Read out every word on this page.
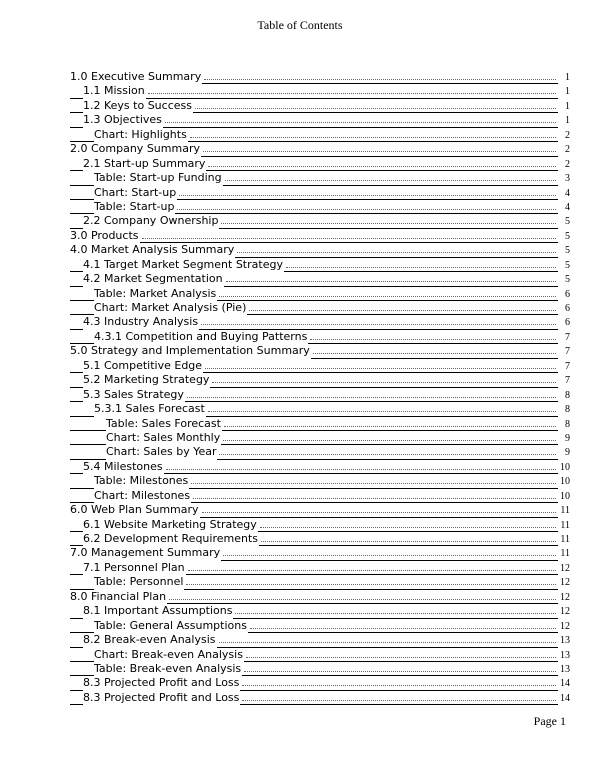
Table of Contents
1.0 Executive Summary	1
1.1 Mission	1
1.2 Keys to Success	1
1.3 Objectives	1
Chart: Highlights	2
2.0 Company Summary	2
2.1 Start-up Summary	2
Table: Start-up Funding	3
Chart: Start-up	4
Table: Start-up	4
2.2 Company Ownership	5
3.0 Products	5
4.0 Market Analysis Summary	5
4.1 Target Market Segment Strategy	5
4.2 Market Segmentation	5
Table: Market Analysis	6
Chart: Market Analysis (Pie)	6
4.3 Industry Analysis	6
4.3.1 Competition and Buying Patterns	7
5.0 Strategy and Implementation Summary	7
5.1 Competitive Edge	7
5.2 Marketing Strategy	7
5.3 Sales Strategy	8
5.3.1 Sales Forecast	8
Table: Sales Forecast	8
Chart: Sales Monthly	9
Chart: Sales by Year	9
5.4 Milestones	10
Table: Milestones	10
Chart: Milestones	10
6.0 Web Plan Summary	11
6.1 Website Marketing Strategy	11
6.2 Development Requirements	11
7.0 Management Summary	11
7.1 Personnel Plan	12
Table: Personnel	12
8.0 Financial Plan	12
8.1 Important Assumptions	12
Table: General Assumptions	12
8.2 Break-even Analysis	13
Chart: Break-even Analysis	13
Table: Break-even Analysis	13
8.3 Projected Profit and Loss	14
8.3 Projected Profit and Loss	14
Page 1
